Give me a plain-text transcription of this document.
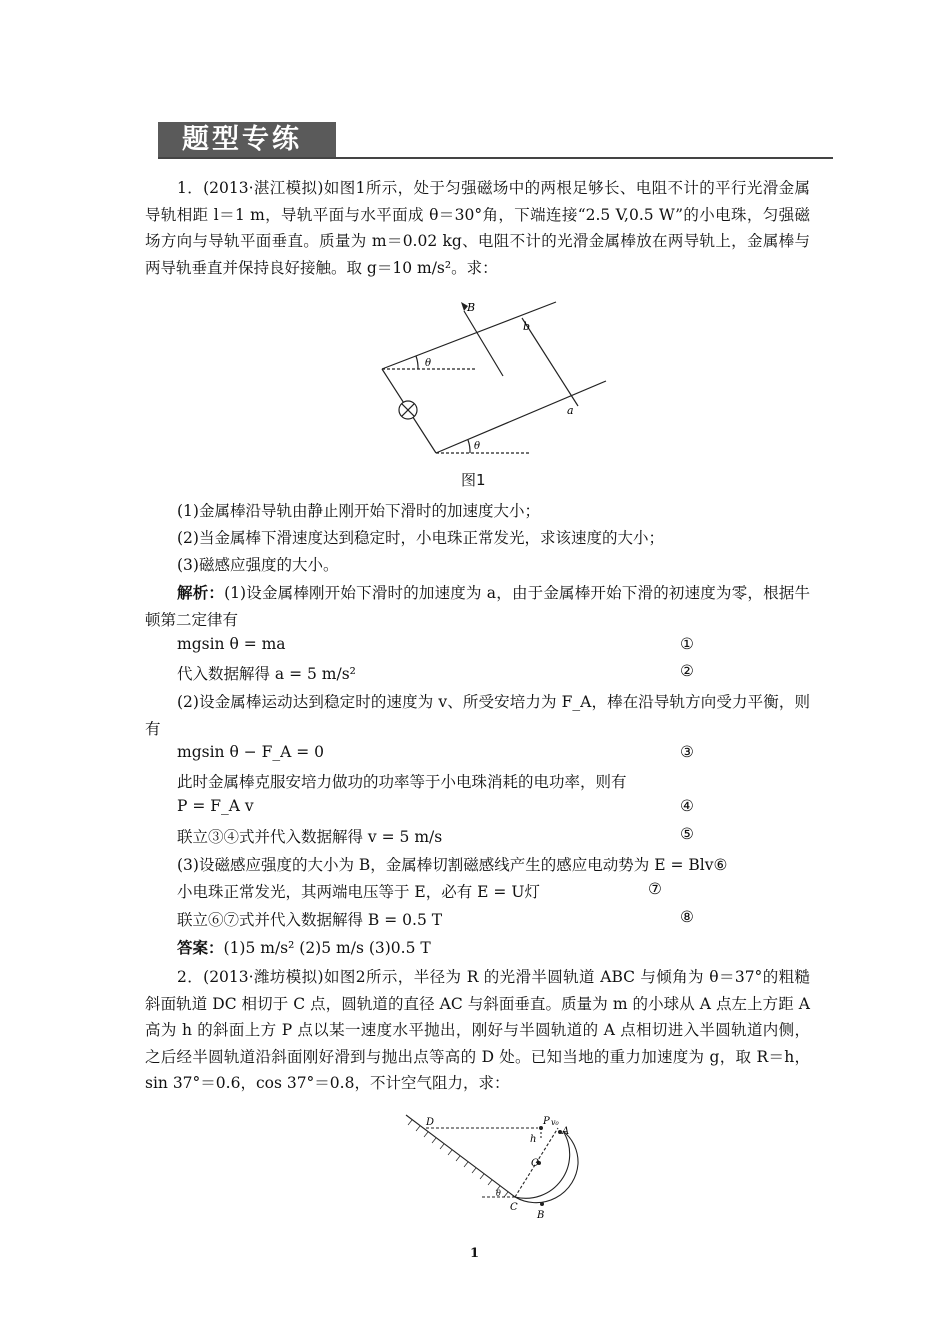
题型专练

1．(2013·湛江模拟)如图1所示，处于匀强磁场中的两根足够长、电阻不计的平行光滑金属导轨相距 l＝1 m，导轨平面与水平面成 θ＝30°角，下端连接“2.5 V,0.5 W”的小电珠，匀强磁场方向与导轨平面垂直。质量为 m＝0.02 kg、电阻不计的光滑金属棒放在两导轨上，金属棒与两导轨垂直并保持良好接触。取 g＝10 m/s²。求：

B
b
a
θ
θ
图1
(1)金属棒沿导轨由静止刚开始下滑时的加速度大小；
(2)当金属棒下滑速度达到稳定时，小电珠正常发光，求该速度的大小；
(3)磁感应强度的大小。

解析：(1)设金属棒刚开始下滑时的加速度为 a，由于金属棒开始下滑的初速度为零，根据牛顿第二定律有

mgsin θ = ma	①
代入数据解得 a = 5 m/s²	②

(2)设金属棒运动达到稳定时的速度为 v、所受安培力为 F_A，棒在沿导轨方向受力平衡，则有

mgsin θ − F_A = 0	③
此时金属棒克服安培力做功的功率等于小电珠消耗的电功率，则有
P = F_A v	④
联立③④式并代入数据解得 v = 5 m/s	⑤
(3)设磁感应强度的大小为 B，金属棒切割磁感线产生的感应电动势为 E = Blv⑥
小电珠正常发光，其两端电压等于 E，必有 E = U灯	⑦
联立⑥⑦式并代入数据解得 B = 0.5 T	⑧
答案：(1)5 m/s² (2)5 m/s (3)0.5 T

2．(2013·潍坊模拟)如图2所示，半径为 R 的光滑半圆轨道 ABC 与倾角为 θ＝37°的粗糙斜面轨道 DC 相切于 C 点，圆轨道的直径 AC 与斜面垂直。质量为 m 的小球从 A 点左上方距 A 高为 h 的斜面上方 P 点以某一速度水平抛出，刚好与半圆轨道的 A 点相切进入半圆轨道内侧，之后经半圆轨道沿斜面刚好滑到与抛出点等高的 D 处。已知当地的重力加速度为 g，取 R＝h，sin 37°＝0.6，cos 37°＝0.8，不计空气阻力，求：

D	P v₀
A
h
O
C
B
θ
1
